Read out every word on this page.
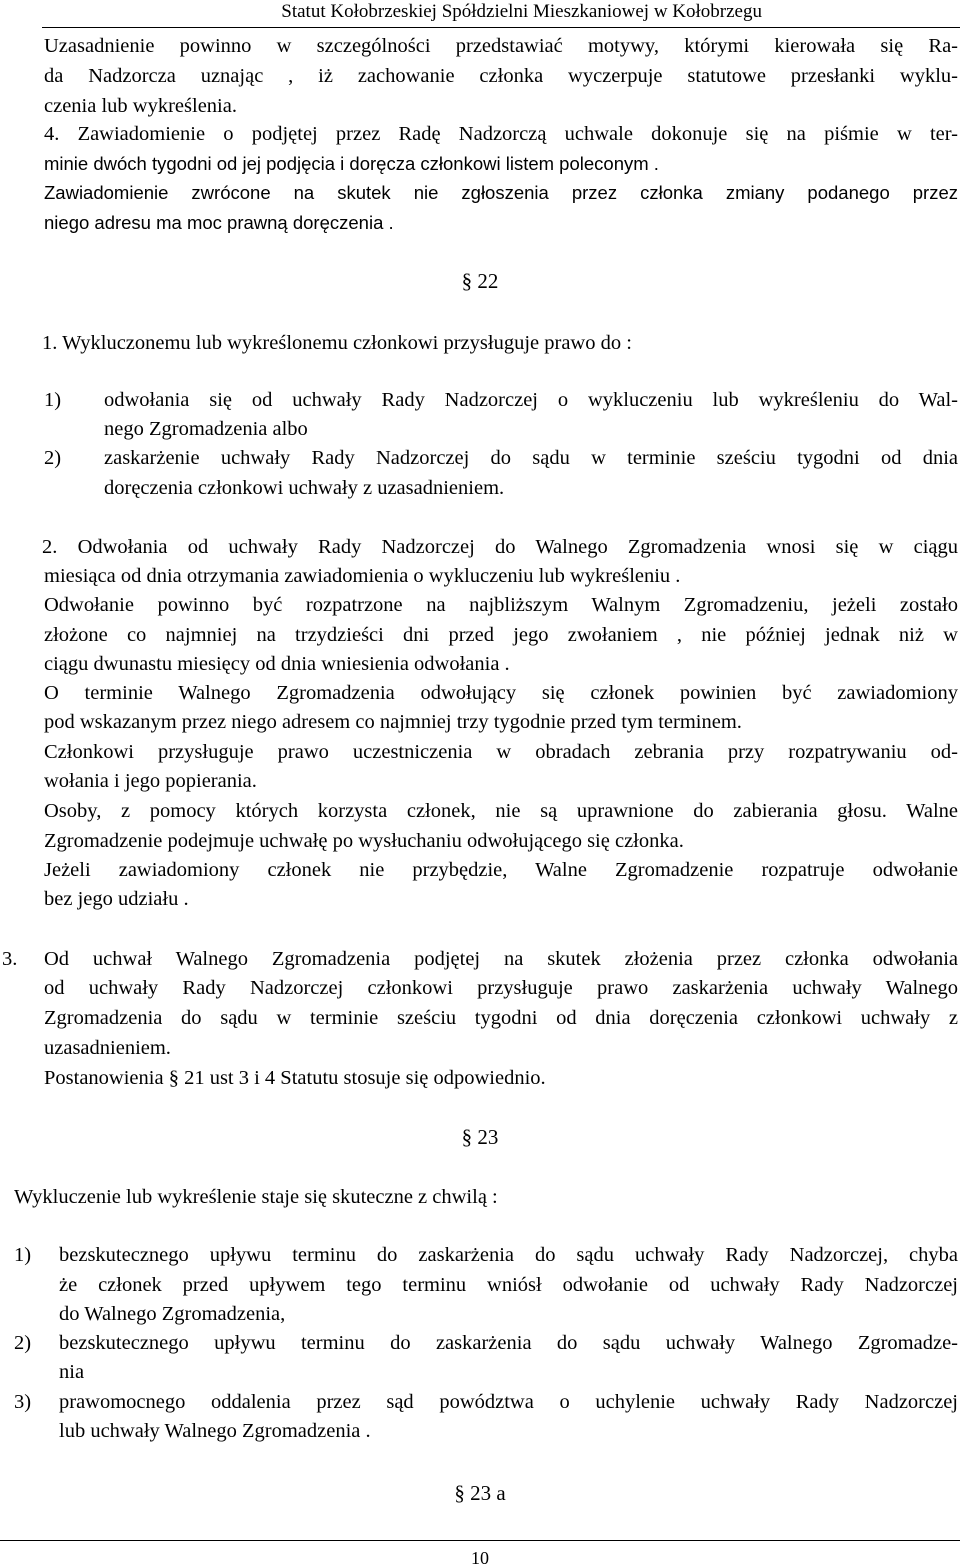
Statut Kołobrzeskiej Spółdzielni Mieszkaniowej w Kołobrzegu
Uzasadnienie powinno w szczególności przedstawiać motywy, którymi kierowała się Ra-
da Nadzorcza uznając , iż zachowanie członka wyczerpuje statutowe przesłanki wyklu-
czenia lub wykreślenia.
4. Zawiadomienie o podjętej przez Radę Nadzorczą uchwale dokonuje się na piśmie w ter-
minie dwóch tygodni od jej podjęcia i doręcza członkowi listem poleconym .
Zawiadomienie zwrócone na skutek nie zgłoszenia przez członka zmiany podanego przez
niego adresu ma moc prawną doręczenia .
§ 22
1. Wykluczonemu lub wykreślonemu członkowi przysługuje prawo do :
1) odwołania się od uchwały Rady Nadzorczej o wykluczeniu lub wykreśleniu do Wal-
nego Zgromadzenia albo
2) zaskarżenie uchwały Rady Nadzorczej do sądu w terminie sześciu tygodni od dnia
doręczenia członkowi uchwały z uzasadnieniem.
2. Odwołania od uchwały Rady Nadzorczej do Walnego Zgromadzenia wnosi się w ciągu
miesiąca od dnia otrzymania zawiadomienia o wykluczeniu lub wykreśleniu .
Odwołanie powinno być rozpatrzone na najbliższym Walnym Zgromadzeniu, jeżeli zostało
złożone co najmniej na trzydzieści dni przed jego zwołaniem , nie później jednak niż w
ciągu dwunastu miesięcy od dnia wniesienia odwołania .
O terminie Walnego Zgromadzenia odwołujący się członek powinien być zawiadomiony
pod wskazanym przez niego adresem co najmniej trzy tygodnie przed tym terminem.
Członkowi przysługuje prawo uczestniczenia w obradach zebrania przy rozpatrywaniu od-
wołania i jego popierania.
Osoby, z pomocy których korzysta członek, nie są uprawnione do zabierania głosu. Walne
Zgromadzenie podejmuje uchwałę po wysłuchaniu odwołującego się członka.
Jeżeli zawiadomiony członek nie przybędzie, Walne Zgromadzenie rozpatruje odwołanie
bez jego udziału .
3. Od uchwał Walnego Zgromadzenia podjętej na skutek złożenia przez członka odwołania
od uchwały Rady Nadzorczej członkowi przysługuje prawo zaskarżenia uchwały Walnego
Zgromadzenia do sądu w terminie sześciu tygodni od dnia doręczenia członkowi uchwały z
uzasadnieniem.
Postanowienia § 21 ust 3 i 4 Statutu stosuje się odpowiednio.
§ 23
Wykluczenie lub wykreślenie staje się skuteczne z chwilą :
1) bezskutecznego upływu terminu do zaskarżenia do sądu uchwały Rady Nadzorczej, chyba
że członek przed upływem tego terminu wniósł odwołanie od uchwały Rady Nadzorczej
do Walnego Zgromadzenia,
2) bezskutecznego upływu terminu do zaskarżenia do sądu uchwały Walnego Zgromadze-
nia
3) prawomocnego oddalenia przez sąd powództwa o uchylenie uchwały Rady Nadzorczej
lub uchwały Walnego Zgromadzenia .
§ 23 a
10
